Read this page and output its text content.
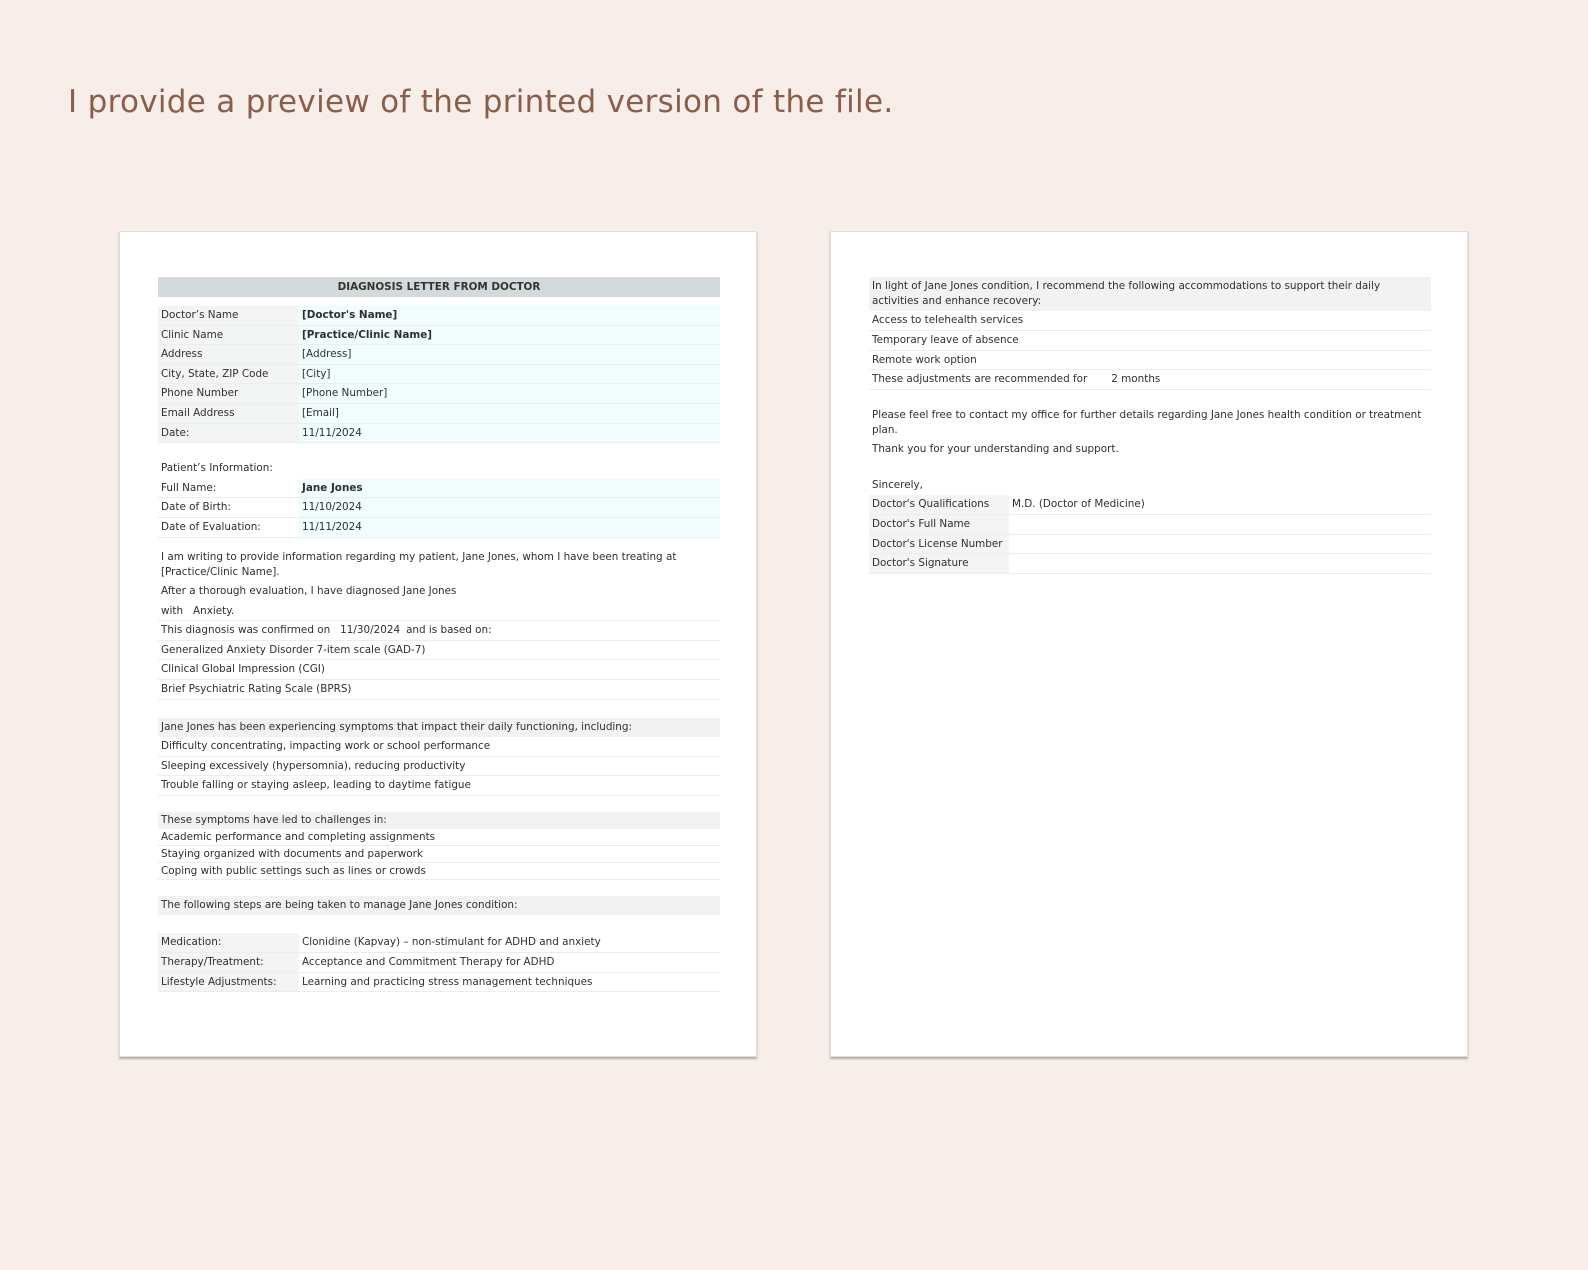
I provide a preview of the printed version of the file.
DIAGNOSIS LETTER FROM DOCTOR
Doctor’s Name	[Doctor's Name]
Clinic Name	[Practice/Clinic Name]
Address	[Address]
City, State, ZIP Code	[City]
Phone Number	[Phone Number]
Email Address	[Email]
Date:	11/11/2024
Patient’s Information:
Full Name:	Jane Jones
Date of Birth:	11/10/2024
Date of Evaluation:	11/11/2024
I am writing to provide information regarding my patient, Jane Jones, whom I have been treating at [Practice/Clinic Name].
After a thorough evaluation, I have diagnosed Jane Jones
with Anxiety.
This diagnosis was confirmed on 11/30/2024 and is based on:
Generalized Anxiety Disorder 7-item scale (GAD-7)
Clinical Global Impression (CGI)
Brief Psychiatric Rating Scale (BPRS)
Jane Jones has been experiencing symptoms that impact their daily functioning, including:
Difficulty concentrating, impacting work or school performance
Sleeping excessively (hypersomnia), reducing productivity
Trouble falling or staying asleep, leading to daytime fatigue
These symptoms have led to challenges in:
Academic performance and completing assignments
Staying organized with documents and paperwork
Coping with public settings such as lines or crowds
The following steps are being taken to manage Jane Jones condition:
Medication:	Clonidine (Kapvay) – non-stimulant for ADHD and anxiety
Therapy/Treatment:	Acceptance and Commitment Therapy for ADHD
Lifestyle Adjustments:	Learning and practicing stress management techniques
In light of Jane Jones condition, I recommend the following accommodations to support their daily activities and enhance recovery:
Access to telehealth services
Temporary leave of absence
Remote work option
These adjustments are recommended for 2 months
Please feel free to contact my office for further details regarding Jane Jones health condition or treatment plan.
Thank you for your understanding and support.
Sincerely,
Doctor's Qualifications	M.D. (Doctor of Medicine)
Doctor's Full Name
Doctor's License Number
Doctor's Signature
